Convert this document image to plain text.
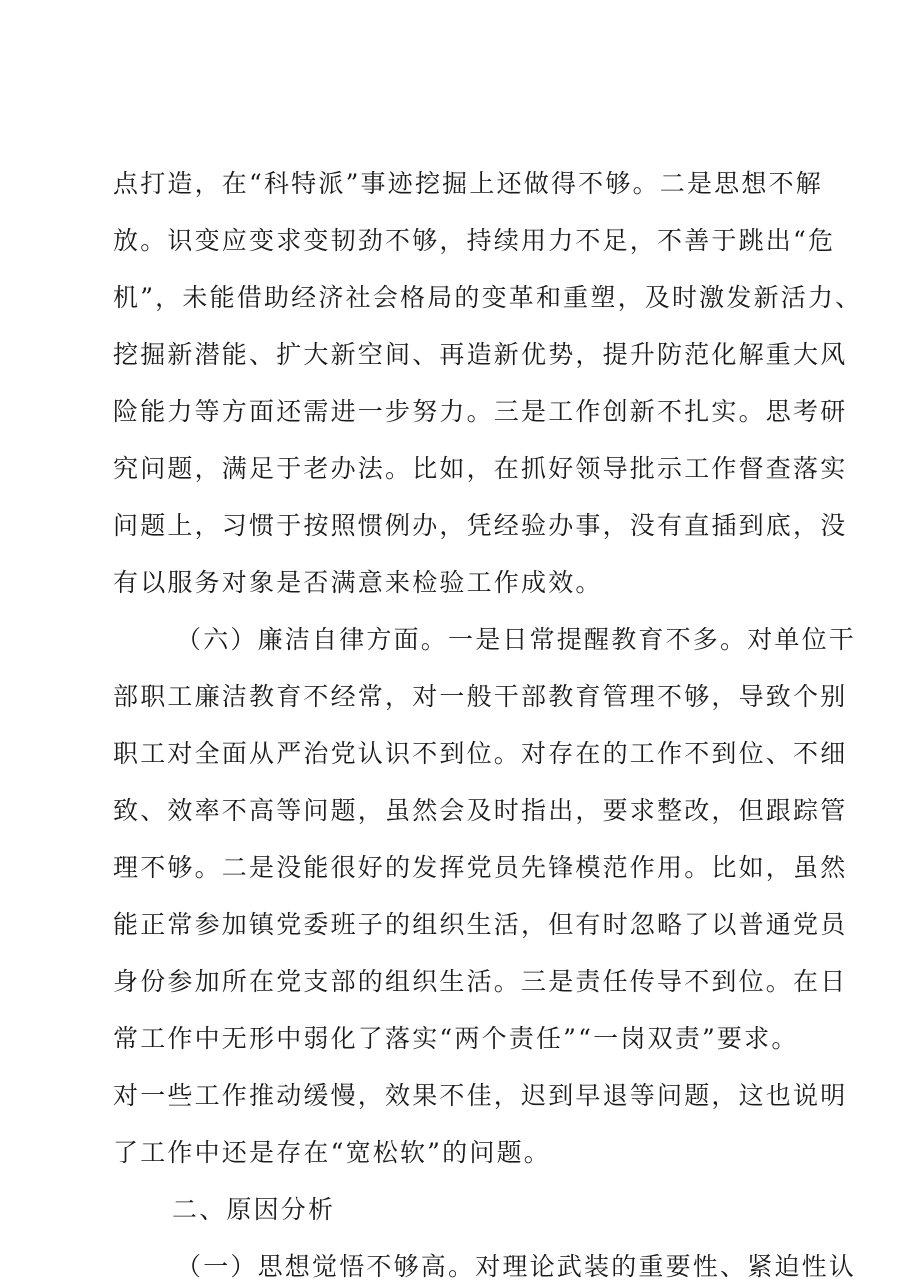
点打造，在“科特派”事迹挖掘上还做得不够。二是思想不解
放。识变应变求变韧劲不够，持续用力不足，不善于跳出“危
机”，未能借助经济社会格局的变革和重塑，及时激发新活力、
挖掘新潜能、扩大新空间、再造新优势，提升防范化解重大风
险能力等方面还需进一步努力。三是工作创新不扎实。思考研
究问题，满足于老办法。比如，在抓好领导批示工作督查落实
问题上，习惯于按照惯例办，凭经验办事，没有直插到底，没
有以服务对象是否满意来检验工作成效。
（六）廉洁自律方面。一是日常提醒教育不多。对单位干
部职工廉洁教育不经常，对一般干部教育管理不够，导致个别
职工对全面从严治党认识不到位。对存在的工作不到位、不细
致、效率不高等问题，虽然会及时指出，要求整改，但跟踪管
理不够。二是没能很好的发挥党员先锋模范作用。比如，虽然
能正常参加镇党委班子的组织生活，但有时忽略了以普通党员
身份参加所在党支部的组织生活。三是责任传导不到位。在日
常工作中无形中弱化了落实“两个责任”“一岗双责”要求。
对一些工作推动缓慢，效果不佳，迟到早退等问题，这也说明
了工作中还是存在“宽松软”的问题。
二、原因分析
（一）思想觉悟不够高。对理论武装的重要性、紧迫性认
